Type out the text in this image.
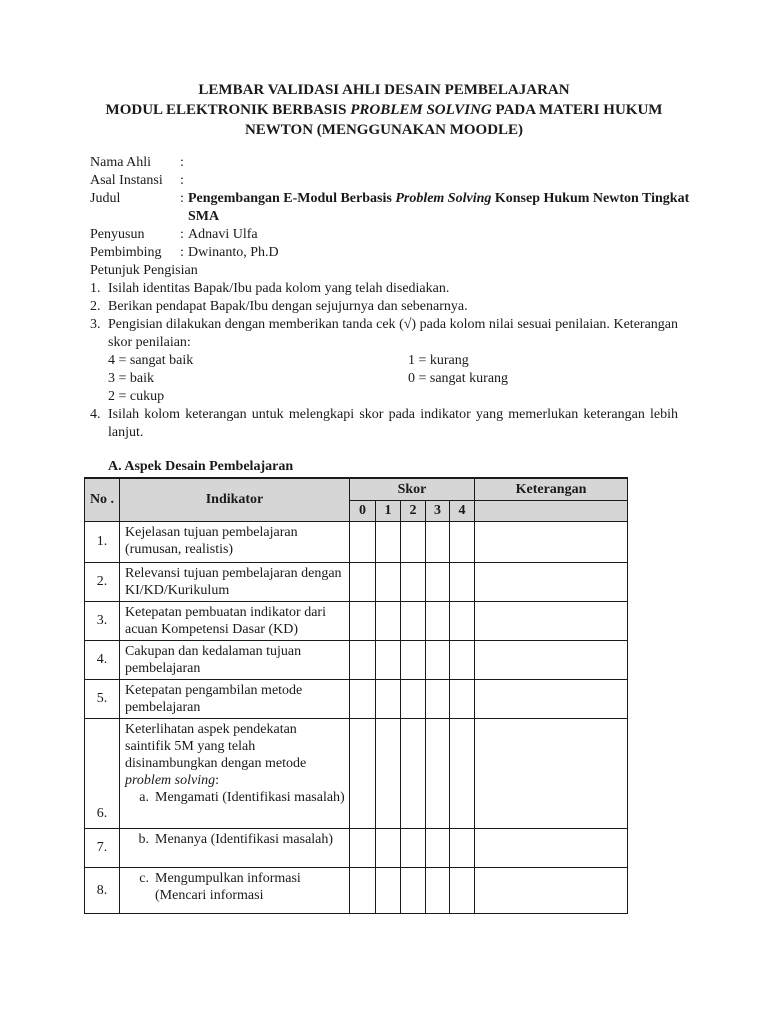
LEMBAR VALIDASI AHLI DESAIN PEMBELAJARAN
MODUL ELEKTRONIK BERBASIS PROBLEM SOLVING PADA MATERI HUKUM
NEWTON (MENGGUNAKAN MOODLE)
Nama Ahli	:
Asal Instansi	:
Judul	: Pengembangan E-Modul Berbasis Problem Solving Konsep Hukum Newton Tingkat SMA
Penyusun	: Adnavi Ulfa
Pembimbing	: Dwinanto, Ph.D
Petunjuk Pengisian
1. Isilah identitas Bapak/Ibu pada kolom yang telah disediakan.
2. Berikan pendapat Bapak/Ibu dengan sejujurnya dan sebenarnya.
3. Pengisian dilakukan dengan memberikan tanda cek (√) pada kolom nilai sesuai penilaian. Keterangan skor penilaian:
4 = sangat baik	1 = kurang
3 = baik	0 = sangat kurang
2 = cukup
4. Isilah kolom keterangan untuk melengkapi skor pada indikator yang memerlukan keterangan lebih lanjut.
A. Aspek Desain Pembelajaran
No .	Indikator	Skor					Keterangan
		0	1	2	3	4	
1.	Kejelasan tujuan pembelajaran (rumusan, realistis)						
2.	Relevansi tujuan pembelajaran dengan KI/KD/Kurikulum						
3.	Ketepatan pembuatan indikator dari acuan Kompetensi Dasar (KD)						
4.	Cakupan dan kedalaman tujuan pembelajaran						
5.	Ketepatan pengambilan metode pembelajaran						
6.	Keterlihatan aspek pendekatan saintifik 5M yang telah disinambungkan dengan metode problem solving:
a. Mengamati (Identifikasi masalah)						

7.	b. Menanya (Identifikasi masalah)						

8.	c. Mengumpulkan informasi (Mencari informasi						
